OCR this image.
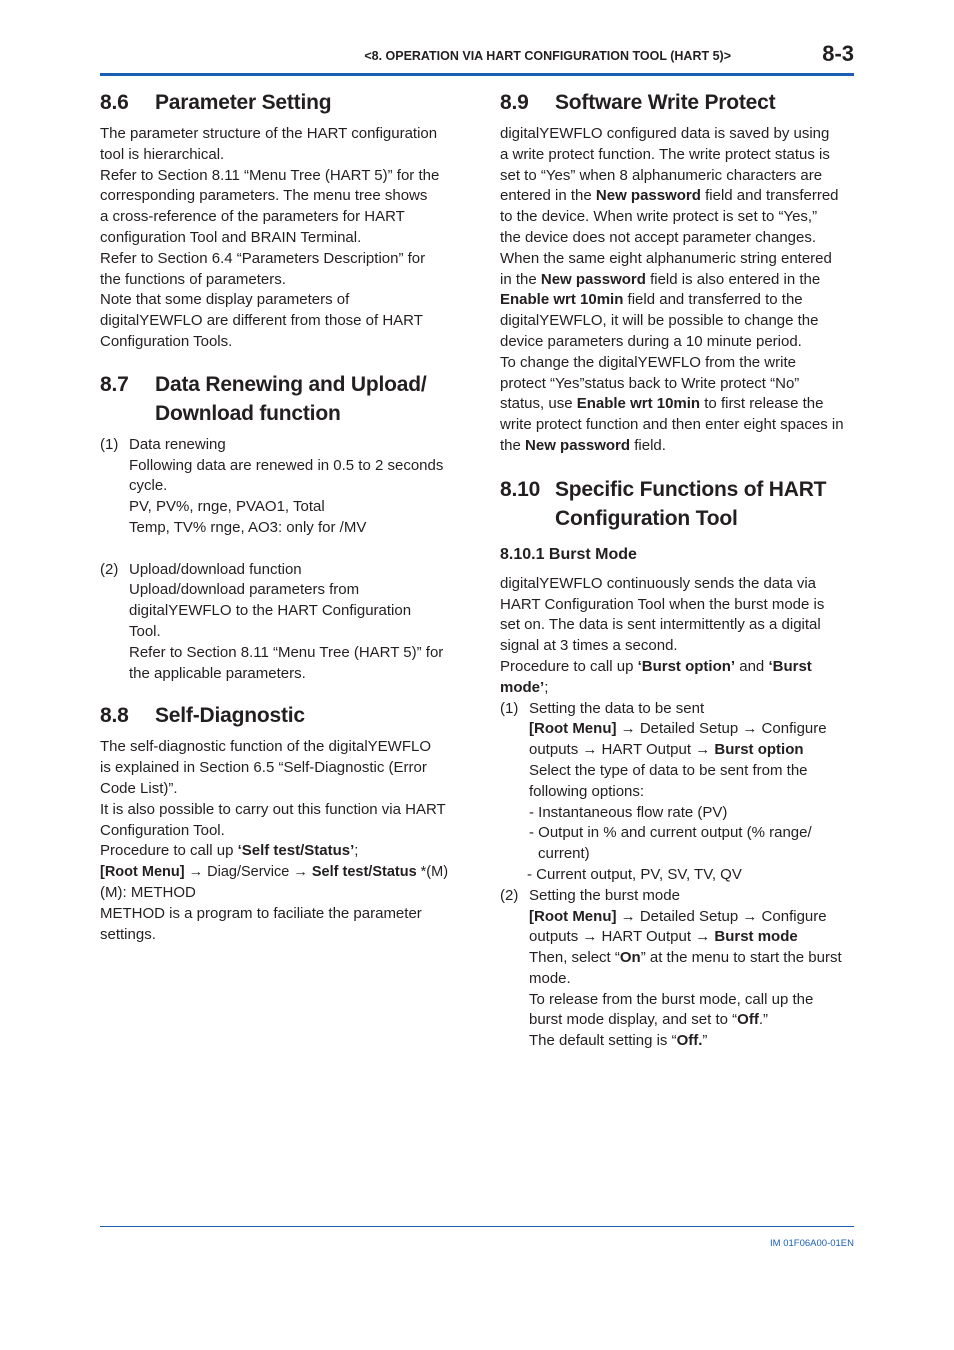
<8. OPERATION VIA HART CONFIGURATION TOOL (HART 5)>	8-3
8.6	Parameter Setting

The parameter structure of the HART configuration

tool is hierarchical.

Refer to Section 8.11 “Menu Tree (HART 5)” for the

corresponding parameters. The menu tree shows

a cross-reference of the parameters for HART

configuration Tool and BRAIN Terminal.

Refer to Section 6.4 “Parameters Description” for

the functions of parameters.

Note that some display parameters of

digitalYEWFLO are different from those of HART

Configuration Tools.

8.7	Data Renewing and Upload/
Download function

(1) Data renewing

Following data are renewed in 0.5 to 2 seconds

cycle.

PV, PV%, rnge, PVAO1, Total

Temp, TV% rnge, AO3: only for /MV

(2) Upload/download function

Upload/download parameters from

digitalYEWFLO to the HART Configuration

Tool.

Refer to Section 8.11 “Menu Tree (HART 5)” for

the applicable parameters.

8.8	Self-Diagnostic

The self-diagnostic function of the digitalYEWFLO

is explained in Section 6.5 “Self-Diagnostic (Error

Code List)”.

It is also possible to carry out this function via HART

Configuration Tool.

Procedure to call up ‘Self test/Status’;

[Root Menu] → Diag/Service → Self test/Status *(M)

(M): METHOD

METHOD is a program to faciliate the parameter

settings.

8.9	Software Write Protect

digitalYEWFLO configured data is saved by using

a write protect function. The write protect status is

set to “Yes” when 8 alphanumeric characters are

entered in the New password field and transferred

to the device. When write protect is set to “Yes,”

the device does not accept parameter changes.

When the same eight alphanumeric string entered

in the New password field is also entered in the

Enable wrt 10min field and transferred to the

digitalYEWFLO, it will be possible to change the

device parameters during a 10 minute period.

To change the digitalYEWFLO from the write

protect “Yes”status back to Write protect “No”

status, use Enable wrt 10min to first release the

write protect function and then enter eight spaces in

the New password field.

8.10 Specific Functions of HART
Configuration Tool
8.10.1 Burst Mode

digitalYEWFLO continuously sends the data via

HART Configuration Tool when the burst mode is

set on. The data is sent intermittently as a digital

signal at 3 times a second.

Procedure to call up ‘Burst option’ and ‘Burst

mode’;

(1) Setting the data to be sent

[Root Menu] → Detailed Setup → Configure

outputs → HART Output → Burst option

Select the type of data to be sent from the

following options:

- Instantaneous flow rate (PV)

- Output in % and current output (% range/

current)

- Current output, PV, SV, TV, QV

(2) Setting the burst mode

[Root Menu] → Detailed Setup → Configure

outputs → HART Output → Burst mode

Then, select “On” at the menu to start the burst

mode.

To release from the burst mode, call up the

burst mode display, and set to “Off.”

The default setting is “Off.”

IM 01F06A00-01EN
